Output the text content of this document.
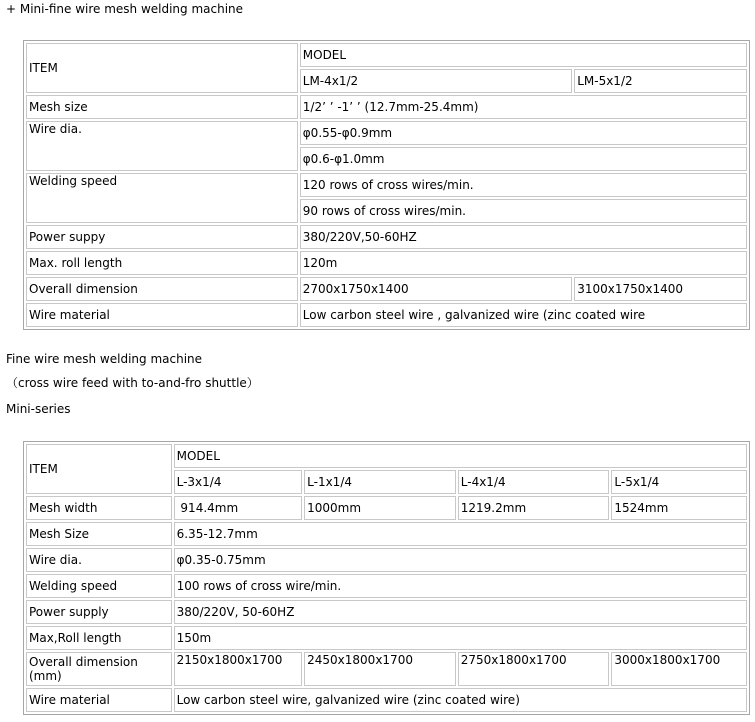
+ Mini-fine wire mesh welding machine
ITEM	MODEL	
	LM-4x1/2	LM-5x1/2
Mesh size	1/2’ ’ -1’ ’ (12.7mm-25.4mm)	
Wire dia.	φ0.55-φ0.9mm	
	φ0.6-φ1.0mm	
Welding speed	120 rows of cross wires/min.	
	90 rows of cross wires/min.	
Power suppy	380/220V,50-60HZ	
Max. roll length	120m	
Overall dimension	2700x1750x1400	3100x1750x1400
Wire material	Low carbon steel wire , galvanized wire (zinc coated wire	
Fine wire mesh welding machine
（cross wire feed with to-and-fro shuttle）
Mini-series
ITEM	MODEL			
	L-3x1/4	L-1x1/4	L-4x1/4	L-5x1/4
Mesh width	914.4mm	1000mm	1219.2mm	1524mm
Mesh Size	6.35-12.7mm			
Wire dia.	φ0.35-0.75mm			
Welding speed	100 rows of cross wire/min.			
Power supply	380/220V, 50-60HZ			
Max,Roll length	150m			
Overall dimension (mm)	2150x1800x1700	2450x1800x1700	2750x1800x1700	3000x1800x1700
Wire material	Low carbon steel wire, galvanized wire (zinc coated wire)			
